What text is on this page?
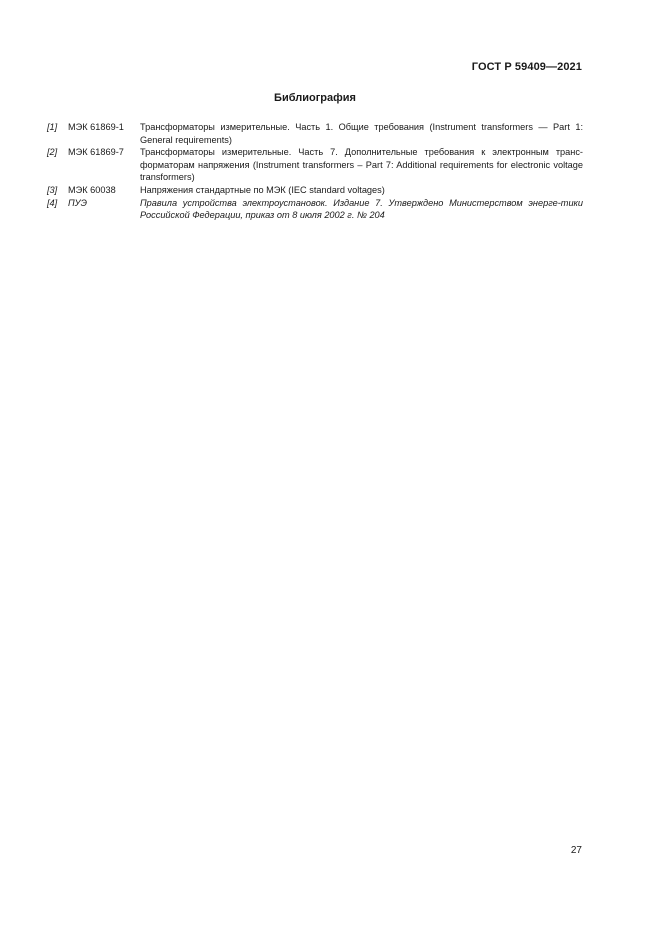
ГОСТ Р 59409—2021
Библиография
[1]	МЭК 61869-1	Трансформаторы измерительные. Часть 1. Общие требования (Instrument transformers — Part 1: General requirements)
[2]	МЭК 61869-7	Трансформаторы измерительные. Часть 7. Дополнительные требования к электронным транс-форматорам напряжения (Instrument transformers – Part 7: Additional requirements for electronic voltage transformers)
[3]	МЭК 60038	Напряжения стандартные по МЭК (IEC standard voltages)
[4]	ПУЭ	Правила устройства электроустановок. Издание 7. Утверждено Министерством энерге-тики Российской Федерации, приказ от 8 июля 2002 г. № 204
27
